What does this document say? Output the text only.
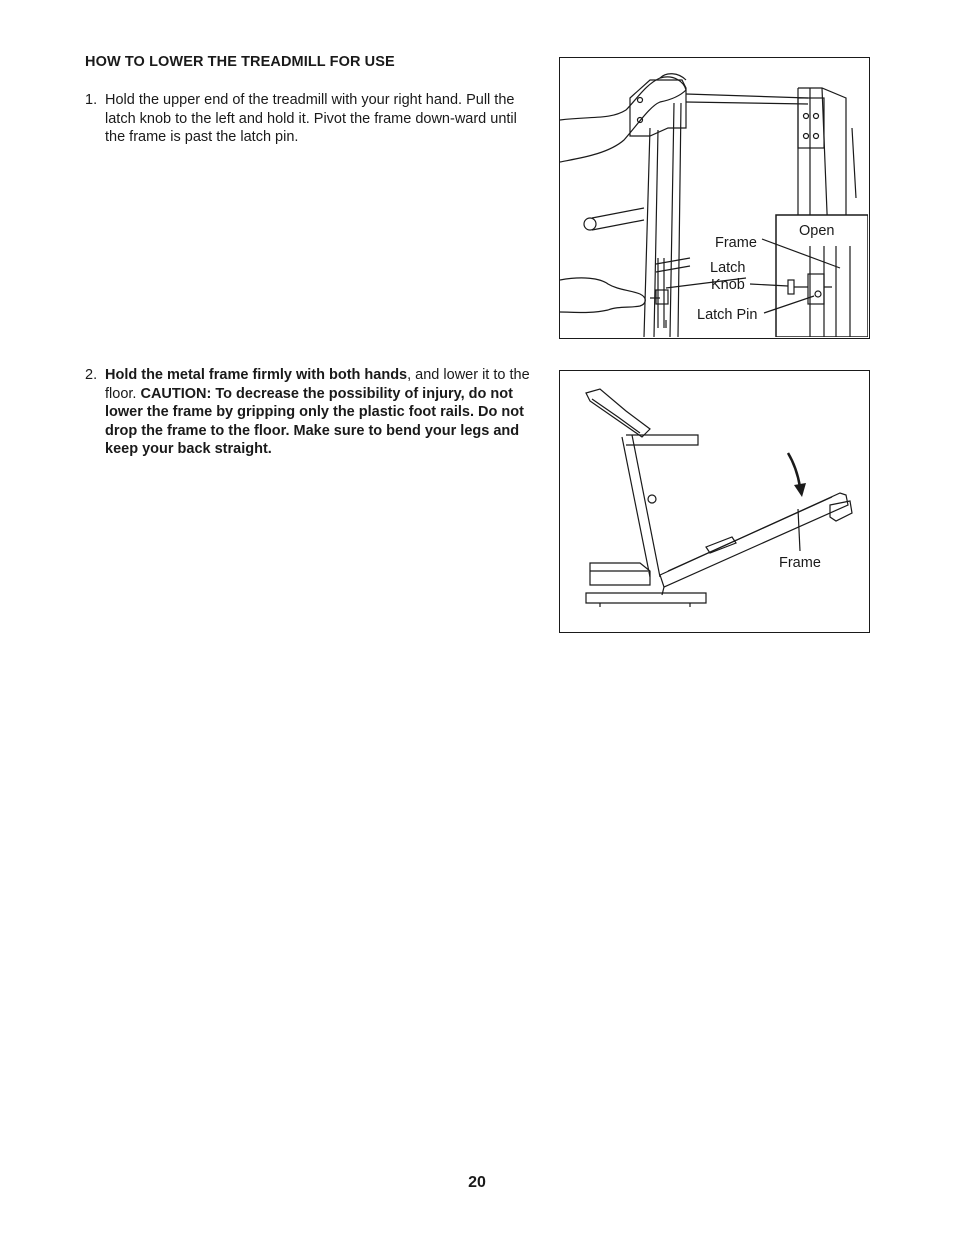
HOW TO LOWER THE TREADMILL FOR USE
1. Hold the upper end of the treadmill with your right hand. Pull the latch knob to the left and hold it. Pivot the frame down-ward until the frame is past the latch pin.
2. Hold the metal frame firmly with both hands, and lower it to the floor. CAUTION: To decrease the possibility of injury, do not lower the frame by gripping only the plastic foot rails. Do not drop the frame to the floor. Make sure to bend your legs and keep your back straight.
Open
Frame
Latch
Knob
Latch Pin
Frame
20
